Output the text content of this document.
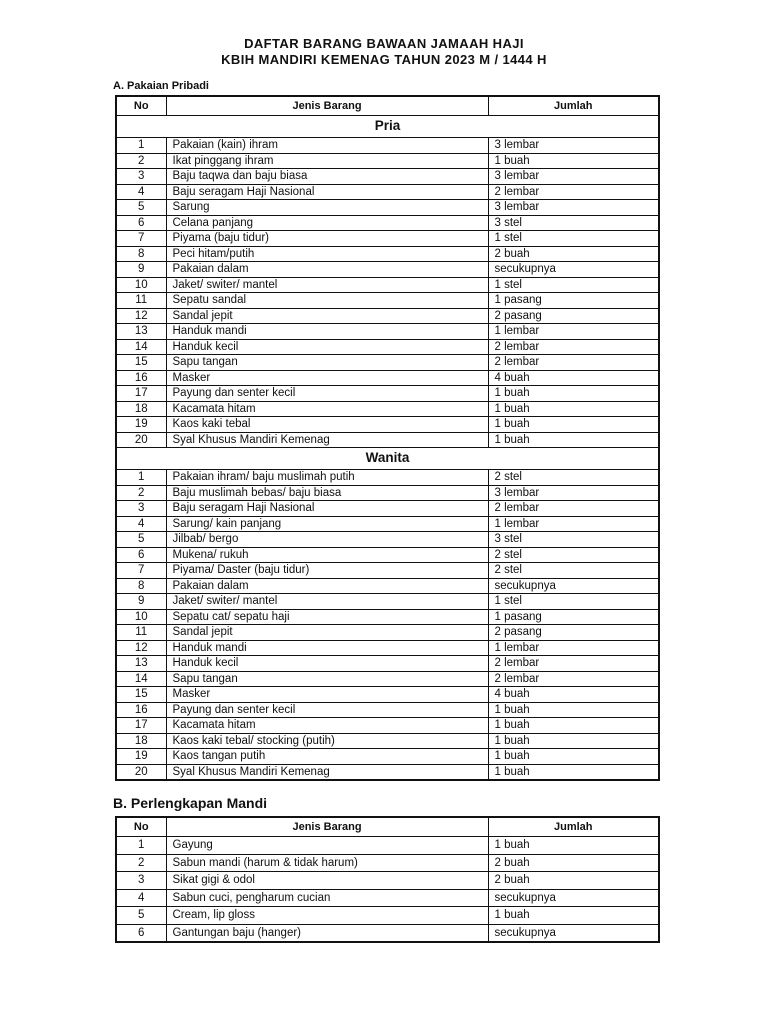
DAFTAR BARANG BAWAAN JAMAAH HAJI
KBIH MANDIRI KEMENAG TAHUN 2023 M / 1444 H
A. Pakaian Pribadi
No	Jenis Barang	Jumlah
Pria		
1	Pakaian (kain) ihram	3 lembar
2	Ikat pinggang ihram	1 buah
3	Baju taqwa dan baju biasa	3 lembar
4	Baju seragam Haji Nasional	2 lembar
5	Sarung	3 lembar
6	Celana panjang	3 stel
7	Piyama (baju tidur)	1 stel
8	Peci hitam/putih	2 buah
9	Pakaian dalam	secukupnya
10	Jaket/ switer/ mantel	1 stel
11	Sepatu sandal	1 pasang
12	Sandal jepit	2 pasang
13	Handuk mandi	1 lembar
14	Handuk kecil	2 lembar
15	Sapu tangan	2 lembar
16	Masker	4 buah
17	Payung dan senter kecil	1 buah
18	Kacamata hitam	1 buah
19	Kaos kaki tebal	1 buah
20	Syal Khusus Mandiri Kemenag	1 buah
Wanita		
1	Pakaian ihram/ baju muslimah putih	2 stel
2	Baju muslimah bebas/ baju biasa	3 lembar
3	Baju seragam Haji Nasional	2 lembar
4	Sarung/ kain panjang	1 lembar
5	Jilbab/ bergo	3 stel
6	Mukena/ rukuh	2 stel
7	Piyama/ Daster (baju tidur)	2 stel
8	Pakaian dalam	secukupnya
9	Jaket/ switer/ mantel	1 stel
10	Sepatu cat/ sepatu haji	1 pasang
11	Sandal jepit	2 pasang
12	Handuk mandi	1 lembar
13	Handuk kecil	2 lembar
14	Sapu tangan	2 lembar
15	Masker	4 buah
16	Payung dan senter kecil	1 buah
17	Kacamata hitam	1 buah
18	Kaos kaki tebal/ stocking (putih)	1 buah
19	Kaos tangan putih	1 buah
20	Syal Khusus Mandiri Kemenag	1 buah
B. Perlengkapan Mandi
No	Jenis Barang	Jumlah
1	Gayung	1 buah
2	Sabun mandi (harum & tidak harum)	2 buah
3	Sikat gigi & odol	2 buah
4	Sabun cuci, pengharum cucian	secukupnya
5	Cream, lip gloss	1 buah
6	Gantungan baju (hanger)	secukupnya
